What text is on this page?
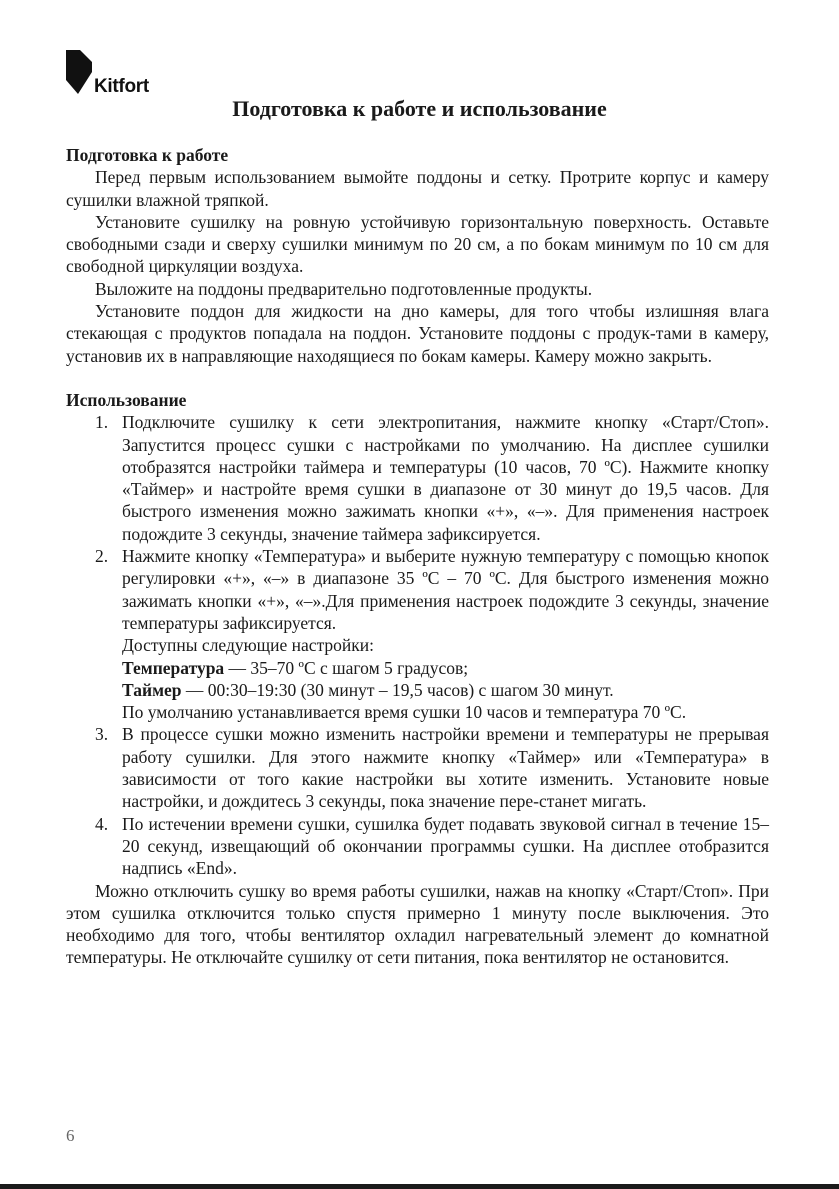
Kitfort
Подготовка к работе и использование

Подготовка к работе

Перед первым использованием вымойте поддоны и сетку. Протрите корпус и камеру сушилки влажной тряпкой.

Установите сушилку на ровную устойчивую горизонтальную поверхность. Оставьте свободными сзади и сверху сушилки минимум по 20 см, а по бокам минимум по 10 см для свободной циркуляции воздуха.

Выложите на поддоны предварительно подготовленные продукты.

Установите поддон для жидкости на дно камеры, для того чтобы излишняя влага стекающая с продуктов попадала на поддон. Установите поддоны с продук-тами в камеру, установив их в направляющие находящиеся по бокам камеры. Камеру можно закрыть.

Использование

1. Подключите сушилку к сети электропитания, нажмите кнопку «Старт/Стоп». Запустится процесс сушки с настройками по умолчанию. На дисплее сушилки отобразятся настройки таймера и температуры (10 часов, 70 ºC). Нажмите кнопку «Таймер» и настройте время сушки в диапазоне от 30 минут до 19,5 часов. Для быстрого изменения можно зажимать кнопки «+», «–». Для применения настроек подождите 3 секунды, значение таймера зафиксируется.

2. Нажмите кнопку «Температура» и выберите нужную температуру с помощью кнопок регулировки «+», «–» в диапазоне 35 ºC – 70 ºC. Для быстрого изменения можно зажимать кнопки «+», «–».Для применения настроек подождите 3 секунды, значение температуры зафиксируется.

Доступны следующие настройки:

Температура — 35–70 ºC с шагом 5 градусов;

Таймер — 00:30–19:30 (30 минут – 19,5 часов) с шагом 30 минут.

По умолчанию устанавливается время сушки 10 часов и температура 70 ºC.

3. В процессе сушки можно изменить настройки времени и температуры не прерывая работу сушилки. Для этого нажмите кнопку «Таймер» или «Температура» в зависимости от того какие настройки вы хотите изменить. Установите новые настройки, и дождитесь 3 секунды, пока значение пере-станет мигать.

4. По истечении времени сушки, сушилка будет подавать звуковой сигнал в течение 15–20 секунд, извещающий об окончании программы сушки. На дисплее отобразится надпись «End».

Можно отключить сушку во время работы сушилки, нажав на кнопку «Старт/Стоп». При этом сушилка отключится только спустя примерно 1 минуту после выключения. Это необходимо для того, чтобы вентилятор охладил нагревательный элемент до комнатной температуры. Не отключайте сушилку от сети питания, пока вентилятор не остановится.

6
